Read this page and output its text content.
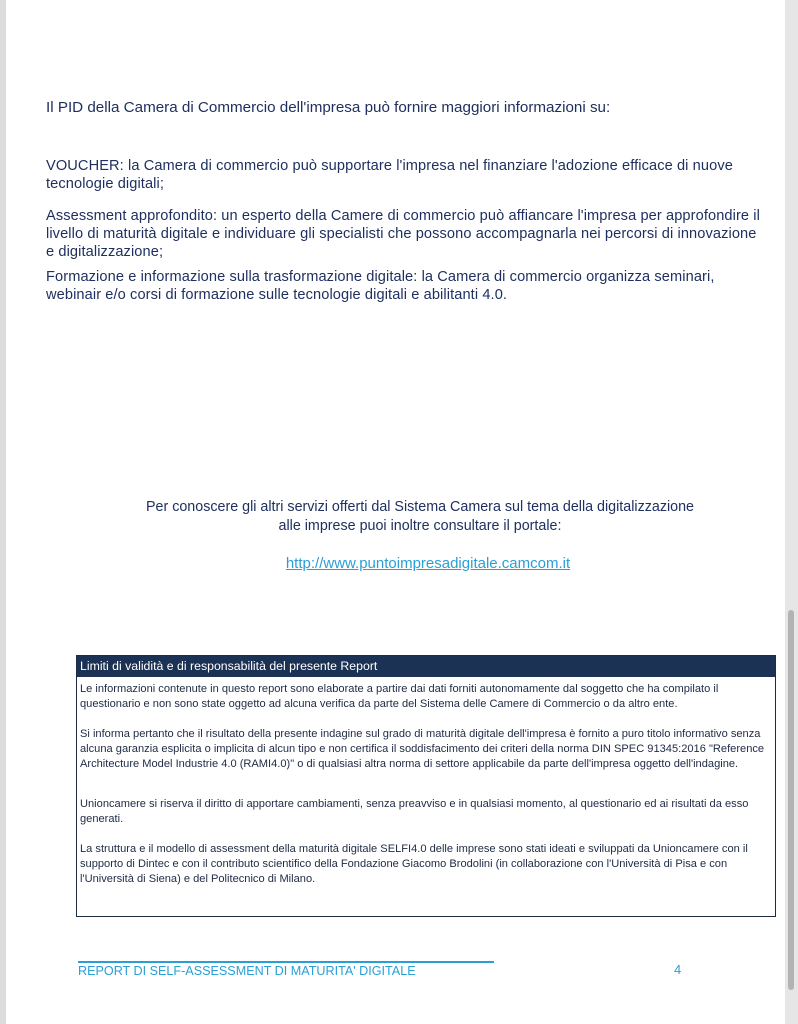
Il PID della Camera di Commercio dell'impresa può fornire maggiori informazioni su:
VOUCHER: la Camera di commercio può supportare l'impresa nel finanziare l'adozione efficace di nuove tecnologie digitali;
Assessment approfondito: un esperto della Camere di commercio può affiancare l'impresa per approfondire il livello di maturità digitale e individuare gli specialisti che possono accompagnarla nei percorsi di innovazione e digitalizzazione;
Formazione e informazione sulla trasformazione digitale: la Camera di commercio organizza seminari, webinair e/o corsi di formazione sulle tecnologie digitali e abilitanti 4.0.
Per conoscere gli altri servizi offerti dal Sistema Camera sul tema della digitalizzazione
alle imprese puoi inoltre consultare il portale:
http://www.puntoimpresadigitale.camcom.it
Limiti di validità e di responsabilità del presente Report
Le informazioni contenute in questo report sono elaborate a partire dai dati forniti autonomamente dal soggetto che ha compilato il questionario e non sono state oggetto ad alcuna verifica da parte del Sistema delle Camere di Commercio o da altro ente.
Si informa pertanto che il risultato della presente indagine sul grado di maturità digitale dell'impresa è fornito a puro titolo informativo senza alcuna garanzia esplicita o implicita di alcun tipo e non certifica il soddisfacimento dei criteri della norma DIN SPEC 91345:2016 "Reference Architecture Model Industrie 4.0 (RAMI4.0)" o di qualsiasi altra norma di settore applicabile da parte dell'impresa oggetto dell'indagine.
Unioncamere si riserva il diritto di apportare cambiamenti, senza preavviso e in qualsiasi momento, al questionario ed ai risultati da esso generati.
La struttura e il modello di assessment della maturità digitale SELFI4.0 delle imprese sono stati ideati e sviluppati da Unioncamere con il supporto di Dintec e con il contributo scientifico della Fondazione Giacomo Brodolini (in collaborazione con l'Università di Pisa e con l'Università di Siena) e del Politecnico di Milano.
REPORT DI SELF-ASSESSMENT DI MATURITA' DIGITALE	4
